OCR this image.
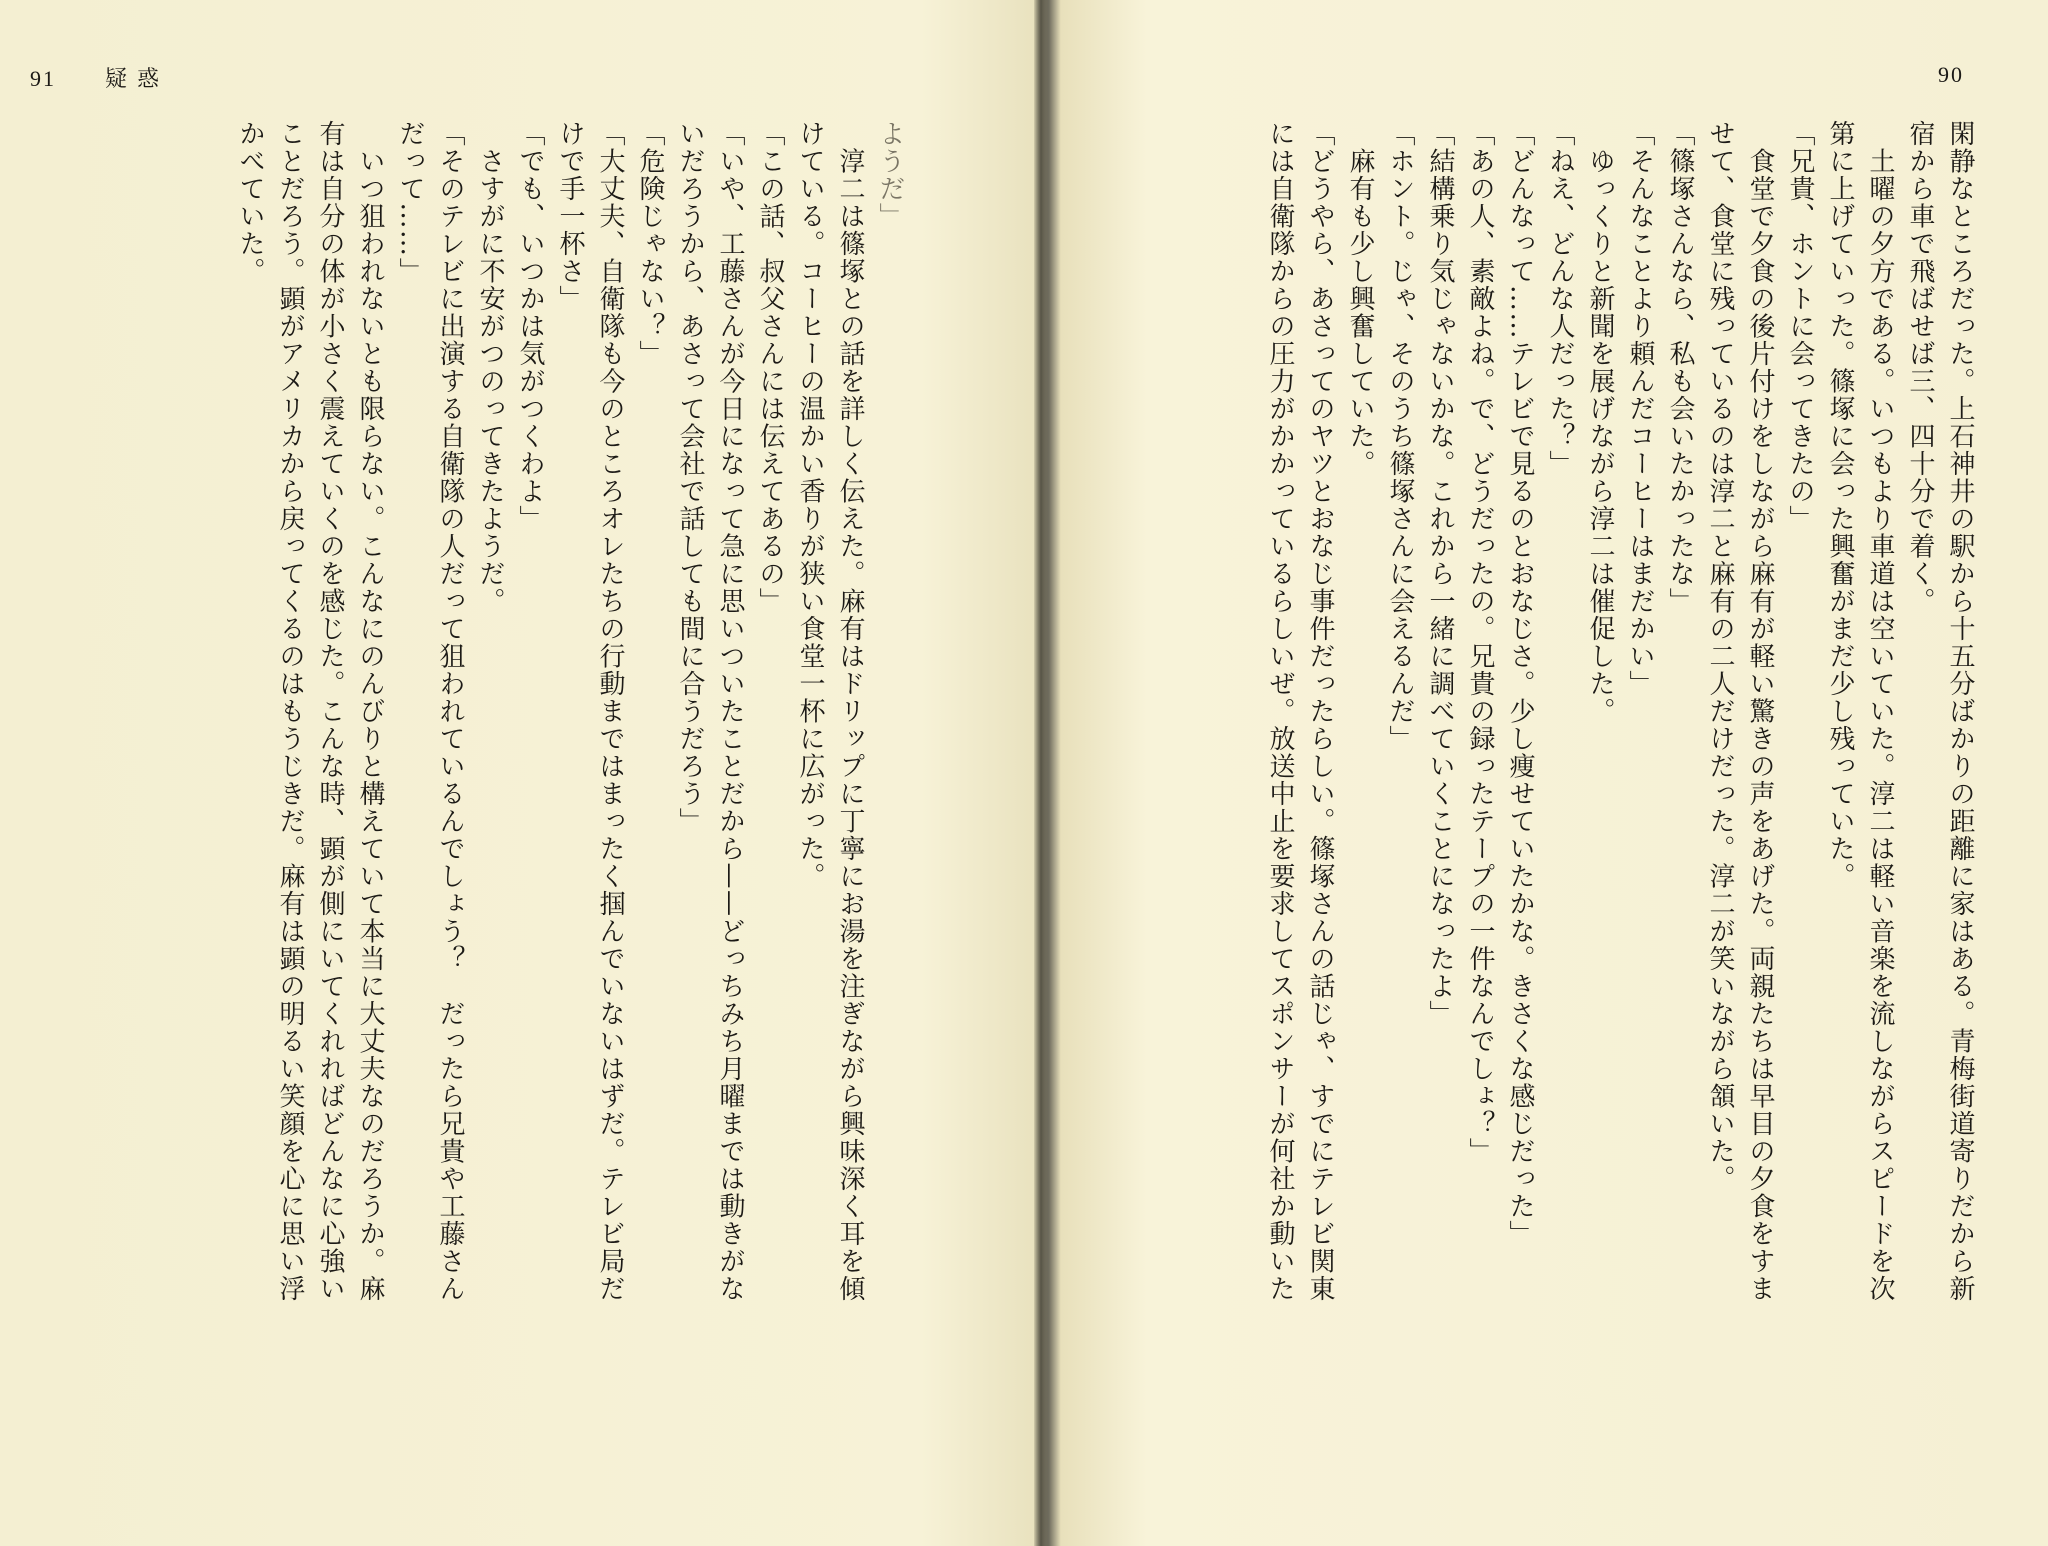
91 疑惑	90
閑静なところだった。上石神井の駅から十五分ばかりの距離に家はある。青梅街道寄りだから新
宿から車で飛ばせば三、四十分で着く。
　土曜の夕方である。いつもより車道は空いていた。淳二は軽い音楽を流しながらスピードを次
第に上げていった。篠塚に会った興奮がまだ少し残っていた。
「兄貴、ホントに会ってきたの」
　食堂で夕食の後片付けをしながら麻有が軽い驚きの声をあげた。両親たちは早目の夕食をすま
せて、食堂に残っているのは淳二と麻有の二人だけだった。淳二が笑いながら頷いた。
「篠塚さんなら、私も会いたかったな」
「そんなことより頼んだコーヒーはまだかい」
　ゆっくりと新聞を展げながら淳二は催促した。
「ねえ、どんな人だった？」
「どんなって……テレビで見るのとおなじさ。少し痩せていたかな。きさくな感じだった」
「あの人、素敵よね。で、どうだったの。兄貴の録ったテープの一件なんでしょ？」
「結構乗り気じゃないかな。これから一緒に調べていくことになったよ」
「ホント。じゃ、そのうち篠塚さんに会えるんだ」
　麻有も少し興奮していた。
「どうやら、あさってのヤツとおなじ事件だったらしい。篠塚さんの話じゃ、すでにテレビ関東
には自衛隊からの圧力がかかっているらしいぜ。放送中止を要求してスポンサーが何社か動いた
ようだ」
　淳二は篠塚との話を詳しく伝えた。麻有はドリップに丁寧にお湯を注ぎながら興味深く耳を傾
けている。コーヒーの温かい香りが狭い食堂一杯に広がった。
「この話、叔父さんには伝えてあるの」
「いや、工藤さんが今日になって急に思いついたことだから——どっちみち月曜までは動きがな
いだろうから、あさって会社で話しても間に合うだろう」
「危険じゃない？」
「大丈夫、自衛隊も今のところオレたちの行動まではまったく掴んでいないはずだ。テレビ局だ
けで手一杯さ」
「でも、いつかは気がつくわよ」
　さすがに不安がつのってきたようだ。
「そのテレビに出演する自衛隊の人だって狙われているんでしょう？　だったら兄貴や工藤さん
だって……」
　いつ狙われないとも限らない。こんなにのんびりと構えていて本当に大丈夫なのだろうか。麻
有は自分の体が小さく震えていくのを感じた。こんな時、顕が側にいてくれればどんなに心強い
ことだろう。顕がアメリカから戻ってくるのはもうじきだ。麻有は顕の明るい笑顔を心に思い浮
かべていた。
